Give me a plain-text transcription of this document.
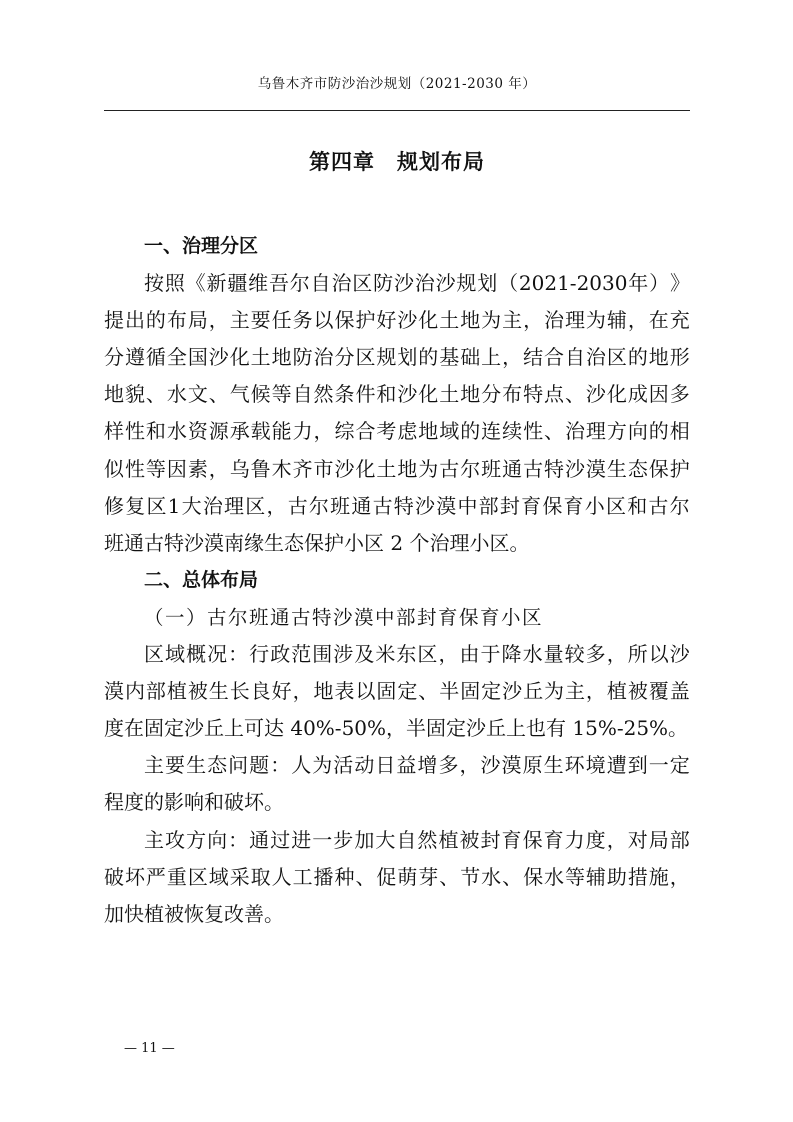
乌鲁木齐市防沙治沙规划（2021-2030 年）
第四章　规划布局
一、治理分区
按 照 《 新 疆 维 吾 尔 自 治 区 防 沙 治 沙 规 划 （ 2021-2030 年 ） 》
提 出 的 布 局 ， 主 要 任 务 以 保 护 好 沙 化 土 地 为 主 ， 治 理 为 辅 ， 在 充
分 遵 循 全 国 沙 化 土 地 防 治 分 区 规 划 的 基 础 上 ， 结 合 自 治 区 的 地 形
地 貌 、 水 文 、 气 候 等 自 然 条 件 和 沙 化 土 地 分 布 特 点 、 沙 化 成 因 多
样 性 和 水 资 源 承 载 能 力 ， 综 合 考 虑 地 域 的 连 续 性 、 治 理 方 向 的 相
似 性 等 因 素 ， 乌 鲁 木 齐 市 沙 化 土 地 为 古 尔 班 通 古 特 沙 漠 生 态 保 护
修 复 区 1 大 治 理 区 ， 古 尔 班 通 古 特 沙 漠 中 部 封 育 保 育 小 区 和 古 尔
班通古特沙漠南缘生态保护小区 2 个治理小区。
二、总体布局
（一）古尔班通古特沙漠中部封育保育小区
区 域 概 况 ： 行 政 范 围 涉 及 米 东 区 ， 由 于 降 水 量 较 多 ， 所 以 沙
漠 内 部 植 被 生 长 良 好 ， 地 表 以 固 定 、 半 固 定 沙 丘 为 主 ， 植 被 覆 盖
度在固定沙丘上可达 40%-50%，半固定沙丘上也有 15%-25%。
主 要 生 态 问 题 ： 人 为 活 动 日 益 增 多 ， 沙 漠 原 生 环 境 遭 到 一 定
程度的影响和破坏。
主 攻 方 向 ： 通 过 进 一 步 加 大 自 然 植 被 封 育 保 育 力 度 ， 对 局 部
破 坏 严 重 区 域 采 取 人 工 播 种 、 促 萌 芽 、 节 水 、 保 水 等 辅 助 措 施 ，
加快植被恢复改善。
— 11 —
